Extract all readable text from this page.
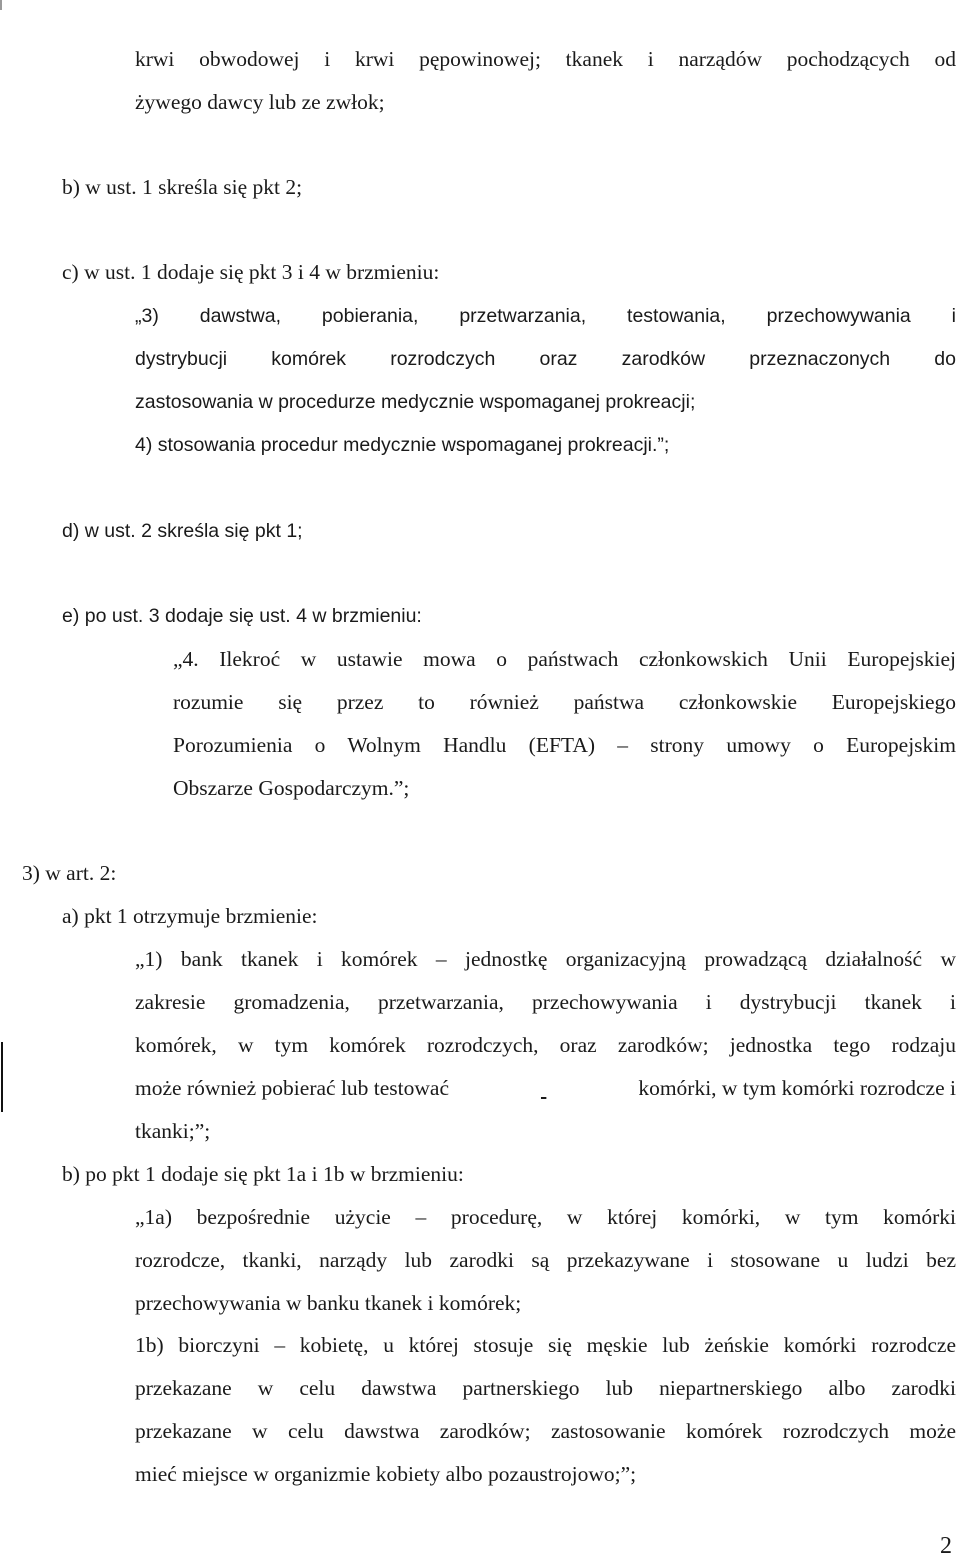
krwi obwodowej i krwi pępowinowej; tkanek i narządów pochodzących od
żywego dawcy lub ze zwłok;
b) w ust. 1 skreśla się pkt 2;
c) w ust. 1 dodaje się pkt 3 i 4 w brzmieniu:
„3) dawstwa, pobierania, przetwarzania, testowania, przechowywania i
dystrybucji komórek rozrodczych oraz zarodków przeznaczonych do
zastosowania w procedurze medycznie wspomaganej prokreacji;
4) stosowania procedur medycznie wspomaganej prokreacji.”;
d) w ust. 2 skreśla się pkt 1;
e) po ust. 3 dodaje się ust. 4 w brzmieniu:
„4. Ilekroć w ustawie mowa o państwach członkowskich Unii Europejskiej
rozumie się przez to również państwa członkowskie Europejskiego
Porozumienia o Wolnym Handlu (EFTA) – strony umowy o Europejskim
Obszarze Gospodarczym.”;
3) w art. 2:
a) pkt 1 otrzymuje brzmienie:
„1) bank tkanek i komórek – jednostkę organizacyjną prowadzącą działalność w
zakresie gromadzenia, przetwarzania, przechowywania i dystrybucji tkanek i
komórek, w tym komórek rozrodczych, oraz zarodków; jednostka tego rodzaju
może również pobierać lub testować
	komórki, w tym komórki rozrodcze i
tkanki;”;
b) po pkt 1 dodaje się pkt 1a i 1b w brzmieniu:
„1a) bezpośrednie użycie – procedurę, w której komórki, w tym komórki
rozrodcze, tkanki, narządy lub zarodki są przekazywane i stosowane u ludzi bez
przechowywania w banku tkanek i komórek;
1b) biorczyni – kobietę, u której stosuje się męskie lub żeńskie komórki rozrodcze
przekazane w celu dawstwa partnerskiego lub niepartnerskiego albo zarodki
przekazane w celu dawstwa zarodków; zastosowanie komórek rozrodczych może
mieć miejsce w organizmie kobiety albo pozaustrojowo;”;
2
